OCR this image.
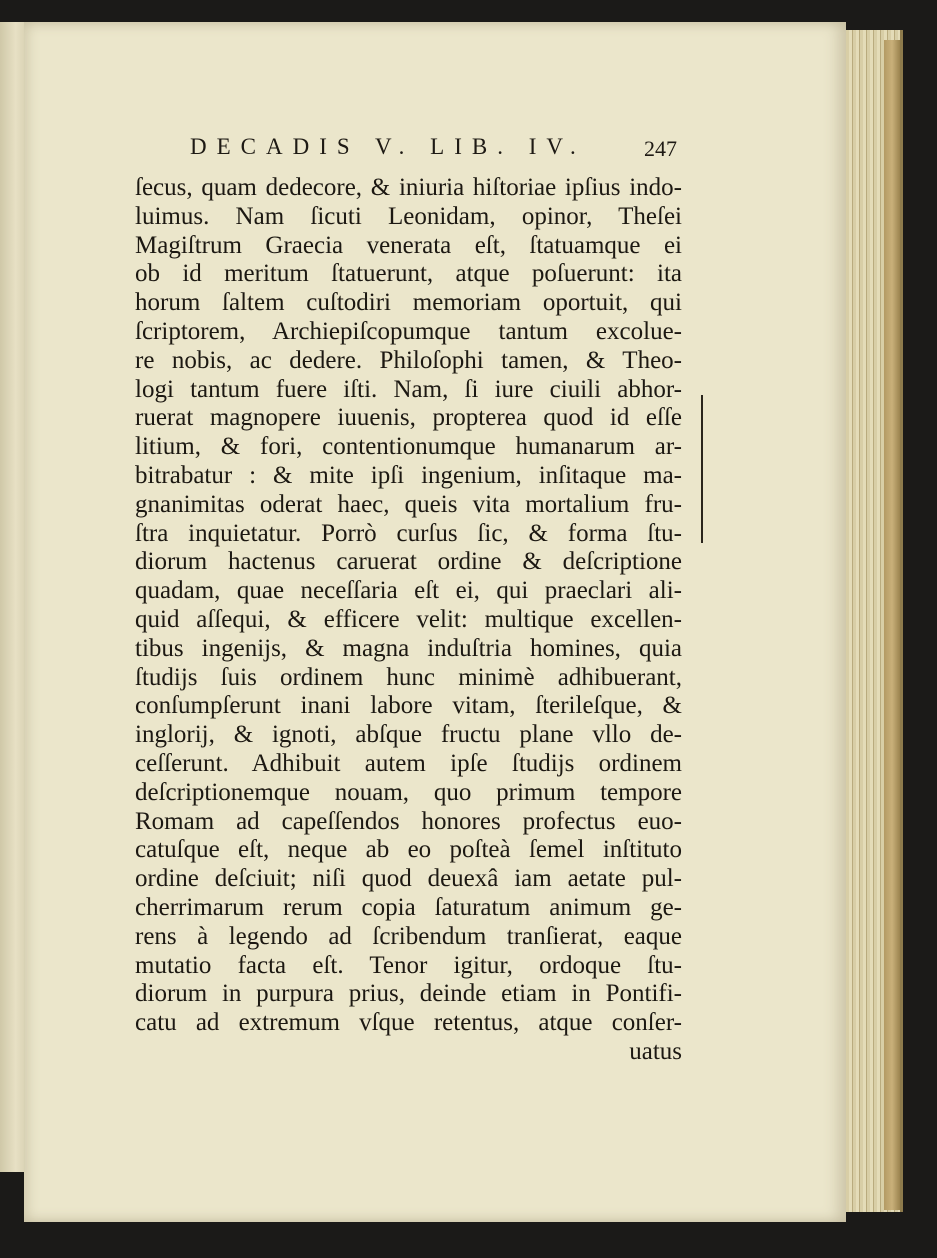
DECADIS V. LIB. IV.	247
ſecus, quam dedecore, & iniuria hiſtoriae ipſius indo-
luimus. Nam ſicuti Leonidam, opinor, Theſei
Magiſtrum Graecia venerata eſt, ſtatuamque ei
ob id meritum ſtatuerunt, atque poſuerunt: ita
horum ſaltem cuſtodiri memoriam oportuit, qui
ſcriptorem, Archiepiſcopumque tantum excolue-
re nobis, ac dedere. Philoſophi tamen, & Theo-
logi tantum fuere iſti. Nam, ſi iure ciuili abhor-
ruerat magnopere iuuenis, propterea quod id eſſe
litium, & fori, contentionumque humanarum ar-
bitrabatur : & mite ipſi ingenium, inſitaque ma-
gnanimitas oderat haec, queis vita mortalium fru-
ſtra inquietatur. Porrò curſus ſic, & forma ſtu-
diorum hactenus caruerat ordine & deſcriptione
quadam, quae neceſſaria eſt ei, qui praeclari ali-
quid aſſequi, & efficere velit: multique excellen-
tibus ingenijs, & magna induſtria homines, quia
ſtudijs ſuis ordinem hunc minimè adhibuerant,
conſumpſerunt inani labore vitam, ſterileſque, &
inglorij, & ignoti, abſque fructu plane vllo de-
ceſſerunt. Adhibuit autem ipſe ſtudijs ordinem
deſcriptionemque nouam, quo primum tempore
Romam ad capeſſendos honores profectus euo-
catuſque eſt, neque ab eo poſteà ſemel inſtituto
ordine deſciuit; niſi quod deuexâ iam aetate pul-
cherrimarum rerum copia ſaturatum animum ge-
rens à legendo ad ſcribendum tranſierat, eaque
mutatio facta eſt. Tenor igitur, ordoque ſtu-
diorum in purpura prius, deinde etiam in Pontifi-
catu ad extremum vſque retentus, atque conſer-
uatus
